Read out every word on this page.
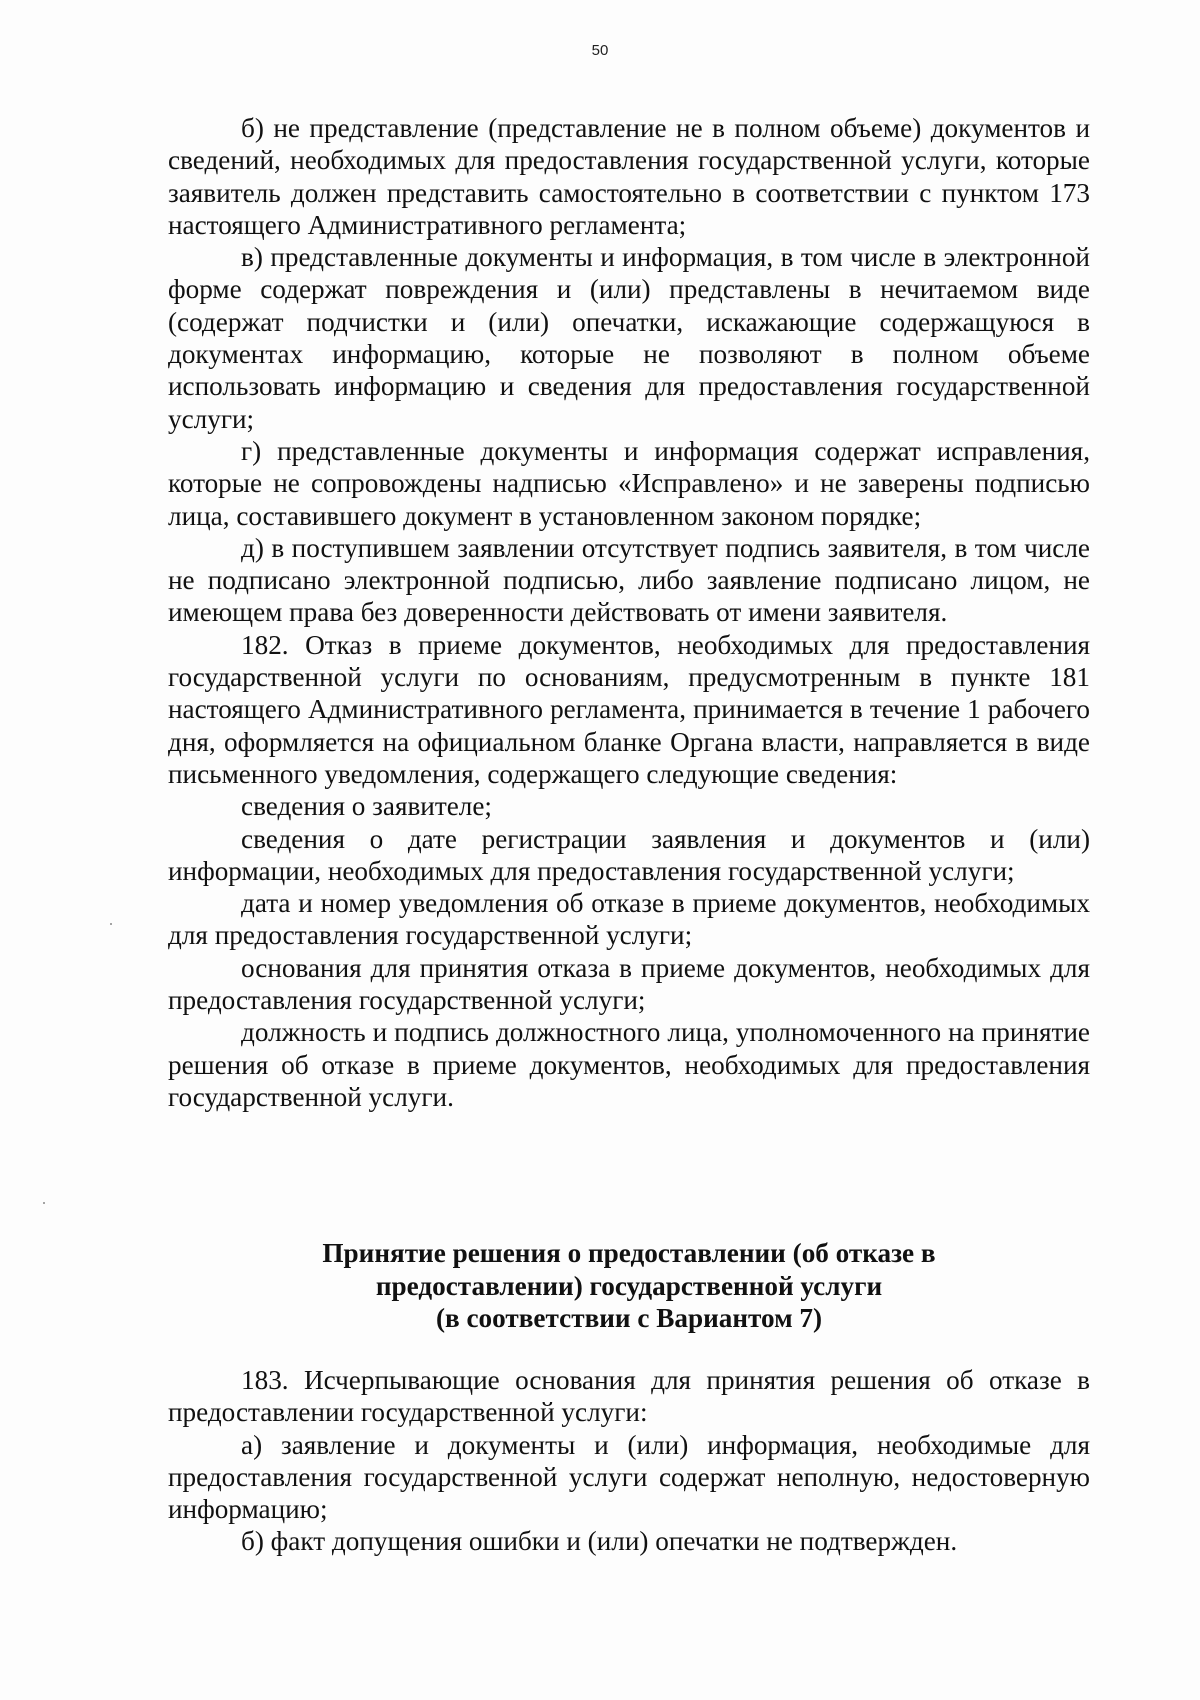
50

б) не представление (представление не в полном объеме) документов и сведений, необходимых для предоставления государственной услуги, которые заявитель должен представить самостоятельно в соответствии с пунктом 173 настоящего Административного регламента;

в) представленные документы и информация, в том числе в электронной форме содержат повреждения и (или) представлены в нечитаемом виде (содержат подчистки и (или) опечатки, искажающие содержащуюся в документах информацию, которые не позволяют в полном объеме использовать информацию и сведения для предоставления государственной услуги;

г) представленные документы и информация содержат исправления, которые не сопровождены надписью «Исправлено» и не заверены подписью лица, составившего документ в установленном законом порядке;

д) в поступившем заявлении отсутствует подпись заявителя, в том числе не подписано электронной подписью, либо заявление подписано лицом, не имеющем права без доверенности действовать от имени заявителя.

182. Отказ в приеме документов, необходимых для предоставления государственной услуги по основаниям, предусмотренным в пункте 181 настоящего Административного регламента, принимается в течение 1 рабочего дня, оформляется на официальном бланке Органа власти, направляется в виде письменного уведомления, содержащего следующие сведения:

сведения о заявителе;

сведения о дате регистрации заявления и документов и (или) информации, необходимых для предоставления государственной услуги;

дата и номер уведомления об отказе в приеме документов, необходимых для предоставления государственной услуги;

основания для принятия отказа в приеме документов, необходимых для предоставления государственной услуги;

должность и подпись должностного лица, уполномоченного на принятие решения об отказе в приеме документов, необходимых для предоставления государственной услуги.

Принятие решения о предоставлении (об отказе в
предоставлении) государственной услуги
(в соответствии с Вариантом 7)

183. Исчерпывающие основания для принятия решения об отказе в предоставлении государственной услуги:

а) заявление и документы и (или) информация, необходимые для предоставления государственной услуги содержат неполную, недостоверную информацию;

б) факт допущения ошибки и (или) опечатки не подтвержден.
